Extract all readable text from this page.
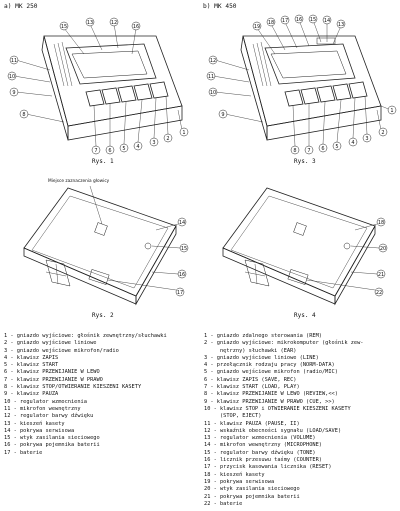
a) MK 250	b) MK 450
15
13	12
16
11
10
9
8
7 6 5 4
3
2
1
Rys. 1
19
18 17 16 15 14
13
12
11
10
9
8 7 6 5
4
3
2
1
Rys. 3
Miejsce zaznaczenia głowicy
14
15
16
17
Rys. 2
18
20
21
22
Rys. 4
1 - gniazdo wyjściowe: głośnik zewnętrzny/słuchawki
2 - gniazdo wyjściowe liniowe
3 - gniazdo wejściowe mikrofon/radio
4 - klawisz ZAPIS
5 - klawisz START
6 - klawisz PRZEWIJANIE W LEWO
7 - klawisz PRZEWIJANIE W PRAWO
8 - klawisz STOP/OTWIERANIE KIESZENI KASETY
9 - klawisz PAUZA
10 - regulator wzmocnienia
11 - mikrofon wewnętrzny
12 - regulator barwy dźwięku
13 - kieszeń kasety
14 - pokrywa serwisowa
15 - wtyk zasilania sieciowego
16 - pokrywa pojemnika baterii
17 - baterie
1 - gniazdo zdalnego sterowania (REM)
2 - gniazdo wyjściowe: mikrokomputer (głośnik zew-
nętrzny) słuchawki (EAR)
3 - gniazdo wyjściowe liniowe (LINE)
4 - przełącznik rodzaju pracy (NORM-DATA)
5 - gniazdo wejściowe mikrofon (radio/MIC)
6 - klawisz ZAPIS (SAVE, REC)
7 - klawisz START (LOAD, PLAY)
8 - klawisz PRZEWIJANIE W LEWO (REVIEW,<<)
9 - klawisz PRZEWIJANIE W PRAWO (CUE, >>)
10 - klawisz STOP i OTWIERANIE KIESZENI KASETY
(STOP, EJECT)
11 - klawisz PAUZA (PAUSE, II)
12 - wskaźnik obecności sygnału (LOAD/SAVE)
13 - regulator wzmocnienia (VOLUME)
14 - mikrofon wewnętrzny (MICROPHONE)
15 - regulator barwy dźwięku (TONE)
16 - licznik przesuwu taśmy (COUNTER)
17 - przycisk kasowania licznika (RESET)
18 - kieszeń kasety
19 - pokrywa serwisowa
20 - wtyk zasilania sieciowego
21 - pokrywa pojemnika baterii
22 - baterie
